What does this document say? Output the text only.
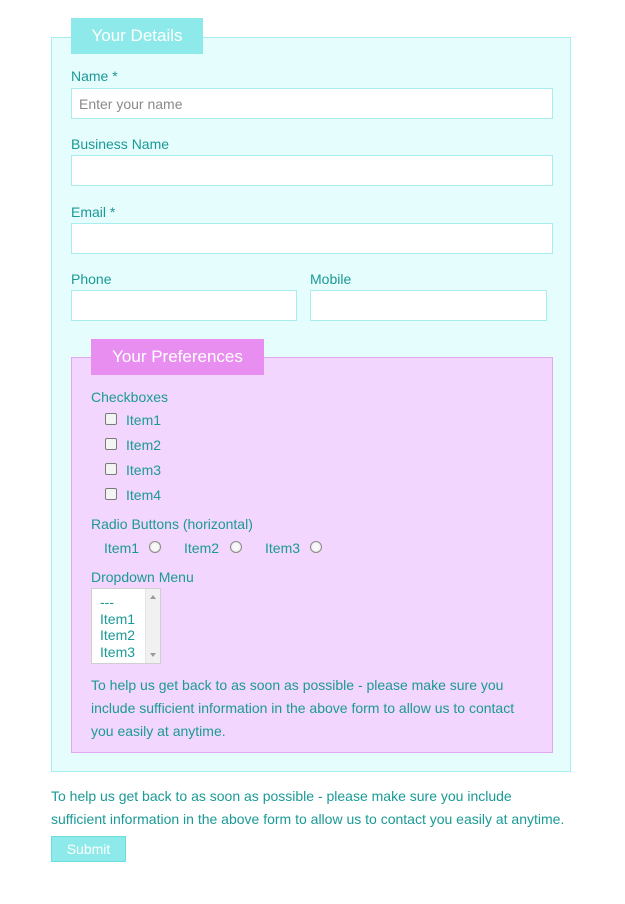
Your Details
Name *
Enter your name
Business Name
Email *
Phone	Mobile
Your Preferences
Checkboxes
Item1
Item2
Item3
Item4
Radio Buttons (horizontal)
Item1	Item2	Item3
Dropdown Menu
---
Item1
Item2
Item3
To help us get back to as soon as possible - please make sure you
include sufficient information in the above form to allow us to contact
you easily at anytime.
To help us get back to as soon as possible - please make sure you include
sufficient information in the above form to allow us to contact you easily at anytime.
Submit
